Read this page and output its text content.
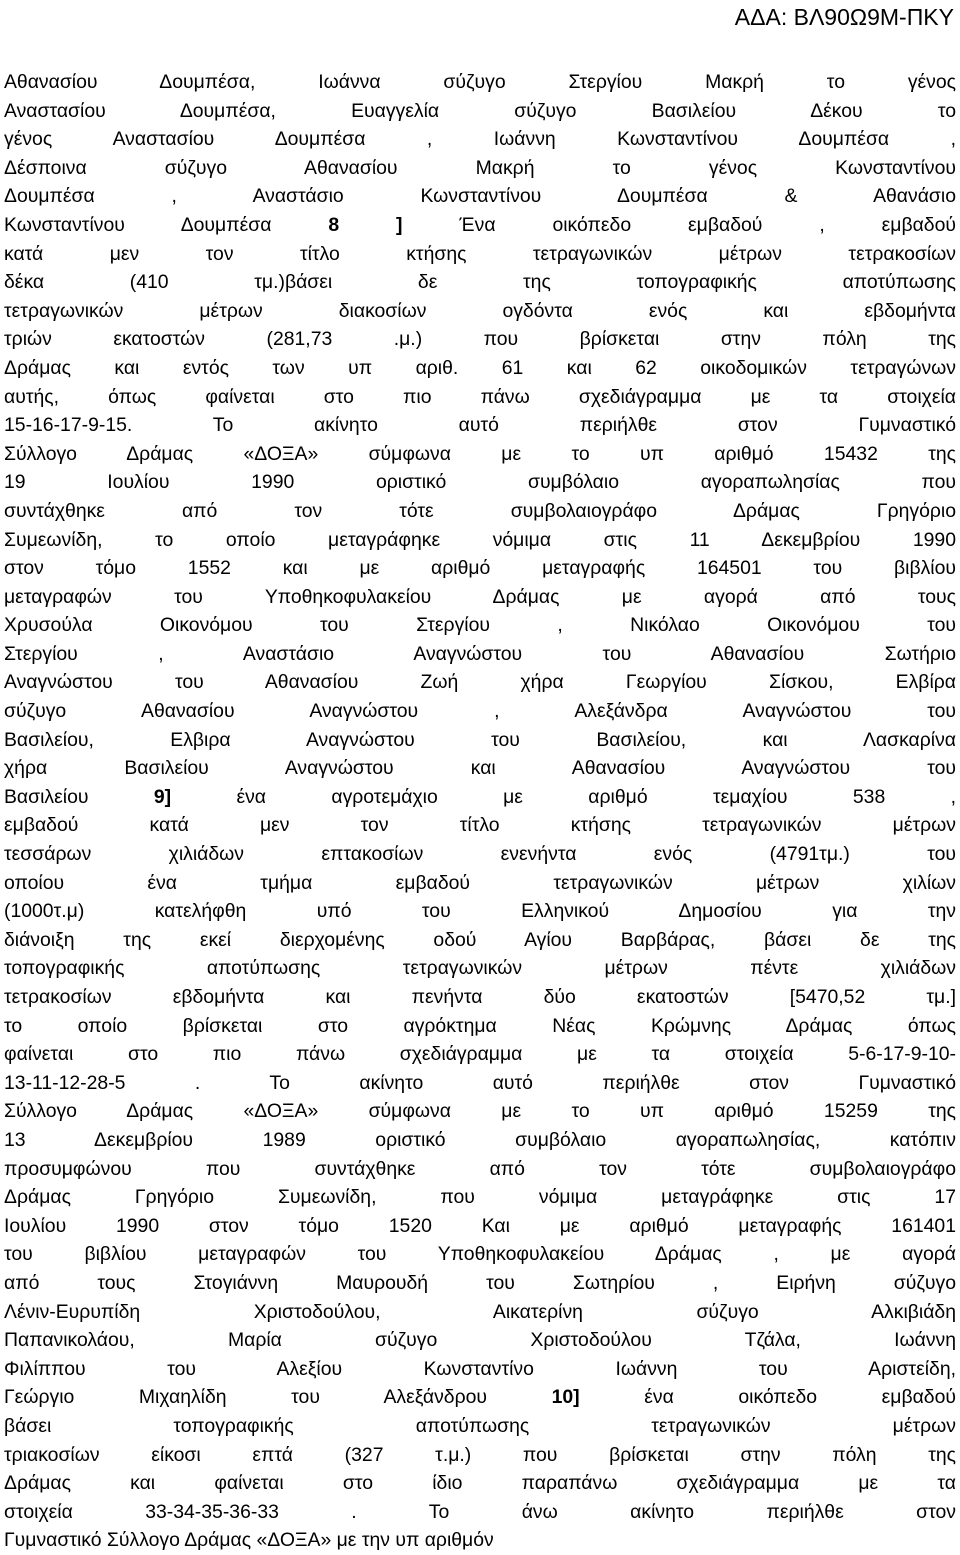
ΑΔΑ: ΒΛ90Ω9Μ-ΠΚΥ
Αθανασίου Δουμπέσα, Ιωάννα σύζυγο Στεργίου Μακρή το γένος
Αναστασίου Δουμπέσα, Ευαγγελία σύζυγο Βασιλείου Δέκου το
γένος Αναστασίου Δουμπέσα , Ιωάννη Κωνσταντίνου Δουμπέσα ,
Δέσποινα σύζυγο Αθανασίου Μακρή το γένος Κωνσταντίνου
Δουμπέσα , Αναστάσιο Κωνσταντίνου Δουμπέσα & Αθανάσιο
Κωνσταντίνου Δουμπέσα 8 ] Ένα οικόπεδο εμβαδού , εμβαδού
κατά μεν τον τίτλο κτήσης τετραγωνικών μέτρων τετρακοσίων
δέκα (410 τμ.)βάσει δε της τοπογραφικής αποτύπωσης
τετραγωνικών μέτρων διακοσίων ογδόντα ενός και εβδομήντα
τριών εκατοστών (281,73 .μ.) που βρίσκεται στην πόλη της
Δράμας και εντός των υπ αριθ. 61 και 62 οικοδομικών τετραγώνων
αυτής, όπως φαίνεται στο πιο πάνω σχεδιάγραμμα με τα στοιχεία
15-16-17-9-15. Το ακίνητο αυτό περιήλθε στον Γυμναστικό
Σύλλογο Δράμας «ΔΟΞΑ» σύμφωνα με το υπ αριθμό 15432 της
19 Ιουλίου 1990 οριστικό συμβόλαιο αγοραπωλησίας που
συντάχθηκε από τον τότε συμβολαιογράφο Δράμας Γρηγόριο
Συμεωνίδη, το οποίο μεταγράφηκε νόμιμα στις 11 Δεκεμβρίου 1990
στον τόμο 1552 και με αριθμό μεταγραφής 164501 του βιβλίου
μεταγραφών του Υποθηκοφυλακείου Δράμας με αγορά από τους
Χρυσούλα Οικονόμου του Στεργίου , Νικόλαο Οικονόμου του
Στεργίου , Αναστάσιο Αναγνώστου του Αθανασίου Σωτήριο
Αναγνώστου του Αθανασίου Ζωή χήρα Γεωργίου Σίσκου, Ελβίρα
σύζυγο Αθανασίου Αναγνώστου , Αλεξάνδρα Αναγνώστου του
Βασιλείου, Ελβιρα Αναγνώστου του Βασιλείου, και Λασκαρίνα
χήρα Βασιλείου Αναγνώστου και Αθανασίου Αναγνώστου του
Βασιλείου 9] ένα αγροτεμάχιο με αριθμό τεμαχίου 538 ,
εμβαδού κατά μεν τον τίτλο κτήσης τετραγωνικών μέτρων
τεσσάρων χιλιάδων επτακοσίων ενενήντα ενός (4791τμ.) του
οποίου ένα τμήμα εμβαδού τετραγωνικών μέτρων χιλίων
(1000τ.μ) κατελήφθη υπό του Ελληνικού Δημοσίου για την
διάνοιξη της εκεί διερχομένης οδού Αγίου Βαρβάρας, βάσει δε της
τοπογραφικής αποτύπωσης τετραγωνικών μέτρων πέντε χιλιάδων
τετρακοσίων εβδομήντα και πενήντα δύο εκατοστών [5470,52 τμ.]
το οποίο βρίσκεται στο αγρόκτημα Νέας Κρώμνης Δράμας όπως
φαίνεται στο πιο πάνω σχεδιάγραμμα με τα στοιχεία 5-6-17-9-10-
13-11-12-28-5 . Το ακίνητο αυτό περιήλθε στον Γυμναστικό
Σύλλογο Δράμας «ΔΟΞΑ» σύμφωνα με το υπ αριθμό 15259 της
13 Δεκεμβρίου 1989 οριστικό συμβόλαιο αγοραπωλησίας, κατόπιν
προσυμφώνου που συντάχθηκε από τον τότε συμβολαιογράφο
Δράμας Γρηγόριο Συμεωνίδη, που νόμιμα μεταγράφηκε στις 17
Ιουλίου 1990 στον τόμο 1520 Και με αριθμό μεταγραφής 161401
του βιβλίου μεταγραφών του Υποθηκοφυλακείου Δράμας , με αγορά
από τους Στογιάννη Μαυρουδή του Σωτηρίου , Ειρήνη σύζυγο
Λένιν-Ευρυπίδη Χριστοδούλου, Αικατερίνη σύζυγο Αλκιβιάδη
Παπανικολάου, Μαρία σύζυγο Χριστοδούλου Τζάλα, Ιωάννη
Φιλίππου του Αλεξίου Κωνσταντίνο Ιωάννη του Αριστείδη,
Γεώργιο Μιχαηλίδη του Αλεξάνδρου 10] ένα οικόπεδο εμβαδού
βάσει τοπογραφικής αποτύπωσης τετραγωνικών μέτρων
τριακοσίων είκοσι επτά (327 τ.μ.) που βρίσκεται στην πόλη της
Δράμας και φαίνεται στο ίδιο παραπάνω σχεδιάγραμμα με τα
στοιχεία 33-34-35-36-33 . Το άνω ακίνητο περιήλθε στον
Γυμναστικό Σύλλογο Δράμας «ΔΟΞΑ» με την υπ αριθμόν
